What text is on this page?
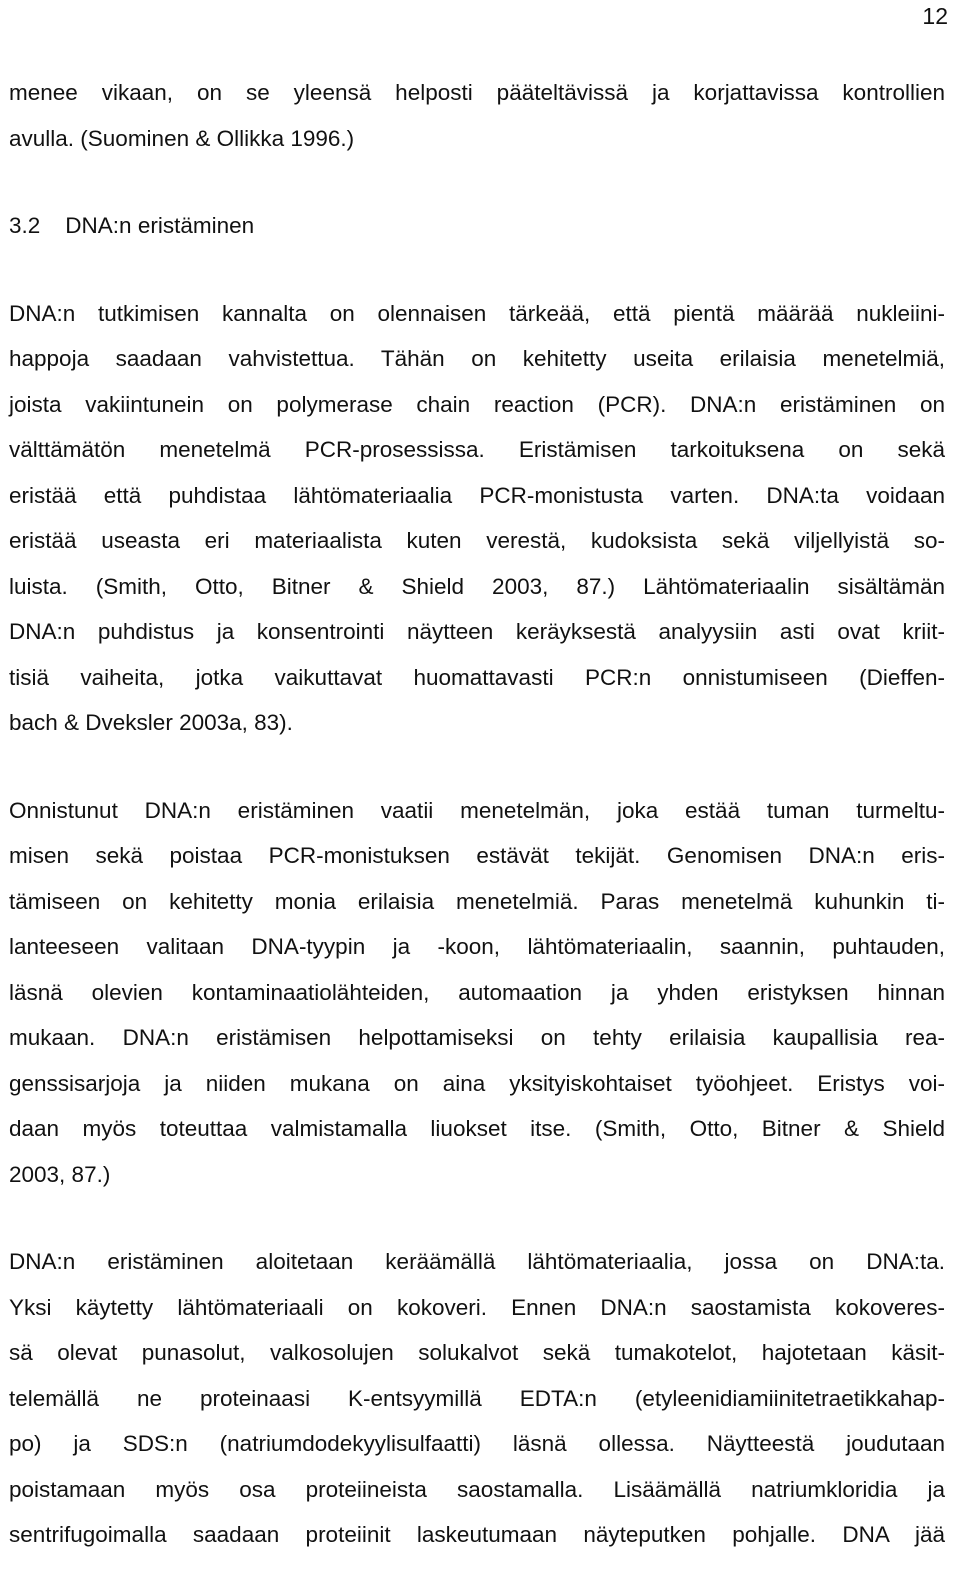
12
menee vikaan, on se yleensä helposti pääteltävissä ja korjattavissa kontrollien
avulla. (Suominen & Ollikka 1996.)
3.2 DNA:n eristäminen
DNA:n tutkimisen kannalta on olennaisen tärkeää, että pientä määrää nukleiini-
happoja saadaan vahvistettua. Tähän on kehitetty useita erilaisia menetelmiä,
joista vakiintunein on polymerase chain reaction (PCR). DNA:n eristäminen on
välttämätön menetelmä PCR-prosessissa. Eristämisen tarkoituksena on sekä
eristää että puhdistaa lähtömateriaalia PCR-monistusta varten. DNA:ta voidaan
eristää useasta eri materiaalista kuten verestä, kudoksista sekä viljellyistä so-
luista. (Smith, Otto, Bitner & Shield 2003, 87.) Lähtömateriaalin sisältämän
DNA:n puhdistus ja konsentrointi näytteen keräyksestä analyysiin asti ovat kriit-
tisiä vaiheita, jotka vaikuttavat huomattavasti PCR:n onnistumiseen (Dieffen-
bach & Dveksler 2003a, 83).
Onnistunut DNA:n eristäminen vaatii menetelmän, joka estää tuman turmeltu-
misen sekä poistaa PCR-monistuksen estävät tekijät. Genomisen DNA:n eris-
tämiseen on kehitetty monia erilaisia menetelmiä. Paras menetelmä kuhunkin ti-
lanteeseen valitaan DNA-tyypin ja -koon, lähtömateriaalin, saannin, puhtauden,
läsnä olevien kontaminaatiolähteiden, automaation ja yhden eristyksen hinnan
mukaan. DNA:n eristämisen helpottamiseksi on tehty erilaisia kaupallisia rea-
genssisarjoja ja niiden mukana on aina yksityiskohtaiset työohjeet. Eristys voi-
daan myös toteuttaa valmistamalla liuokset itse. (Smith, Otto, Bitner & Shield
2003, 87.)
DNA:n eristäminen aloitetaan keräämällä lähtömateriaalia, jossa on DNA:ta.
Yksi käytetty lähtömateriaali on kokoveri. Ennen DNA:n saostamista kokoveres-
sä olevat punasolut, valkosolujen solukalvot sekä tumakotelot, hajotetaan käsit-
telemällä ne proteinaasi K-entsyymillä EDTA:n (etyleenidiamiinitetraetikkahap-
po) ja SDS:n (natriumdodekyylisulfaatti) läsnä ollessa. Näytteestä joudutaan
poistamaan myös osa proteiineista saostamalla. Lisäämällä natriumkloridia ja
sentrifugoimalla saadaan proteiinit laskeutumaan näyteputken pohjalle. DNA jää
